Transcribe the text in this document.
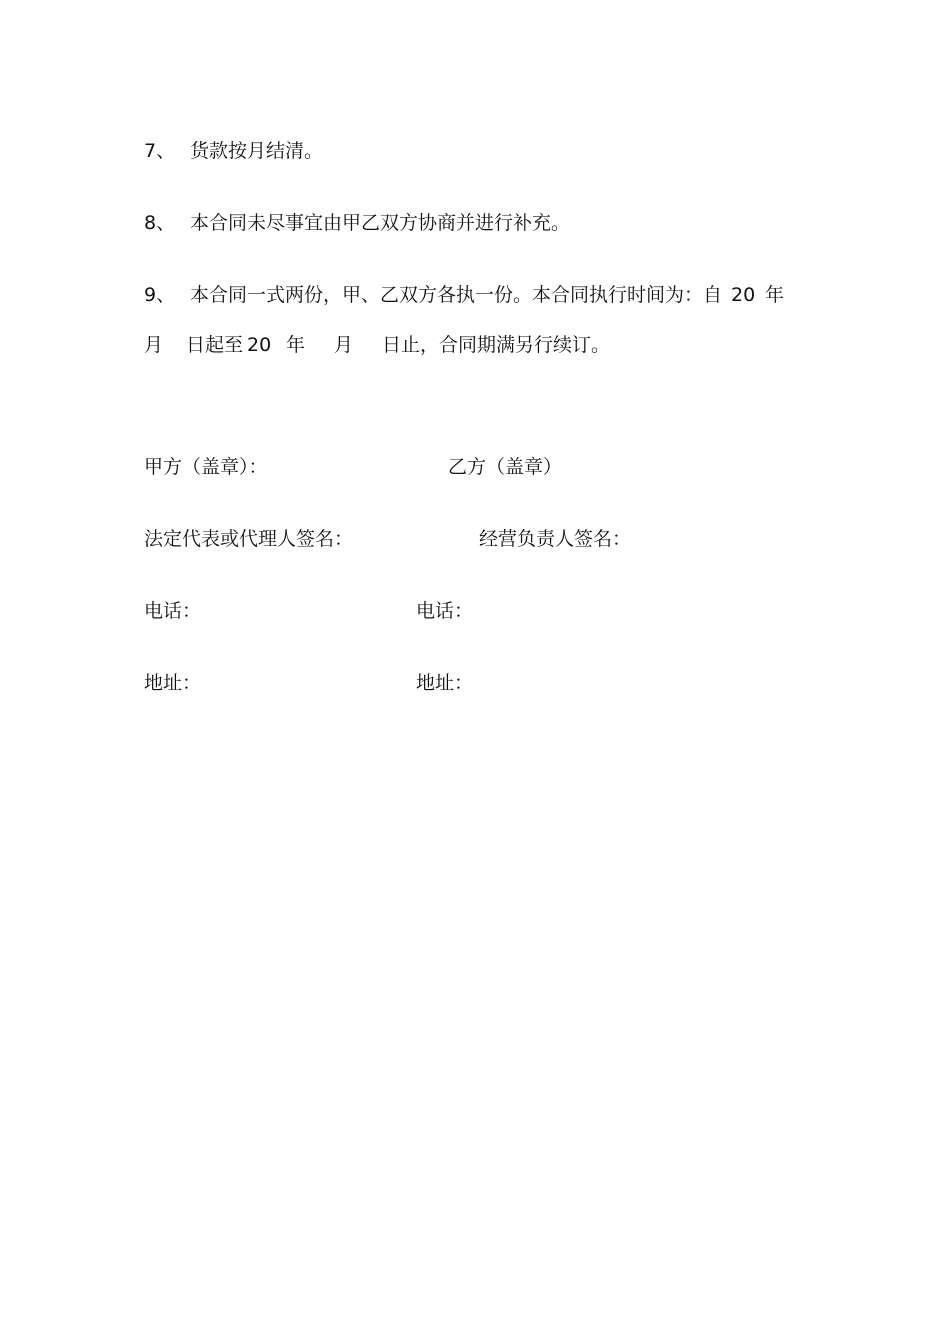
7、 货款按月结清。
8、 本合同未尽事宜由甲乙双方协商并进行补充。
9、 本合同一式两份，甲、乙双方各执一份。本合同执行时间为：自 20 年
月 日起至 20 年 月 日止，合同期满另行续订。
甲方（盖章）：
法定代表或代理人签名：
电话：
地址：
乙方（盖章）
经营负责人签名：
电话：
地址：
